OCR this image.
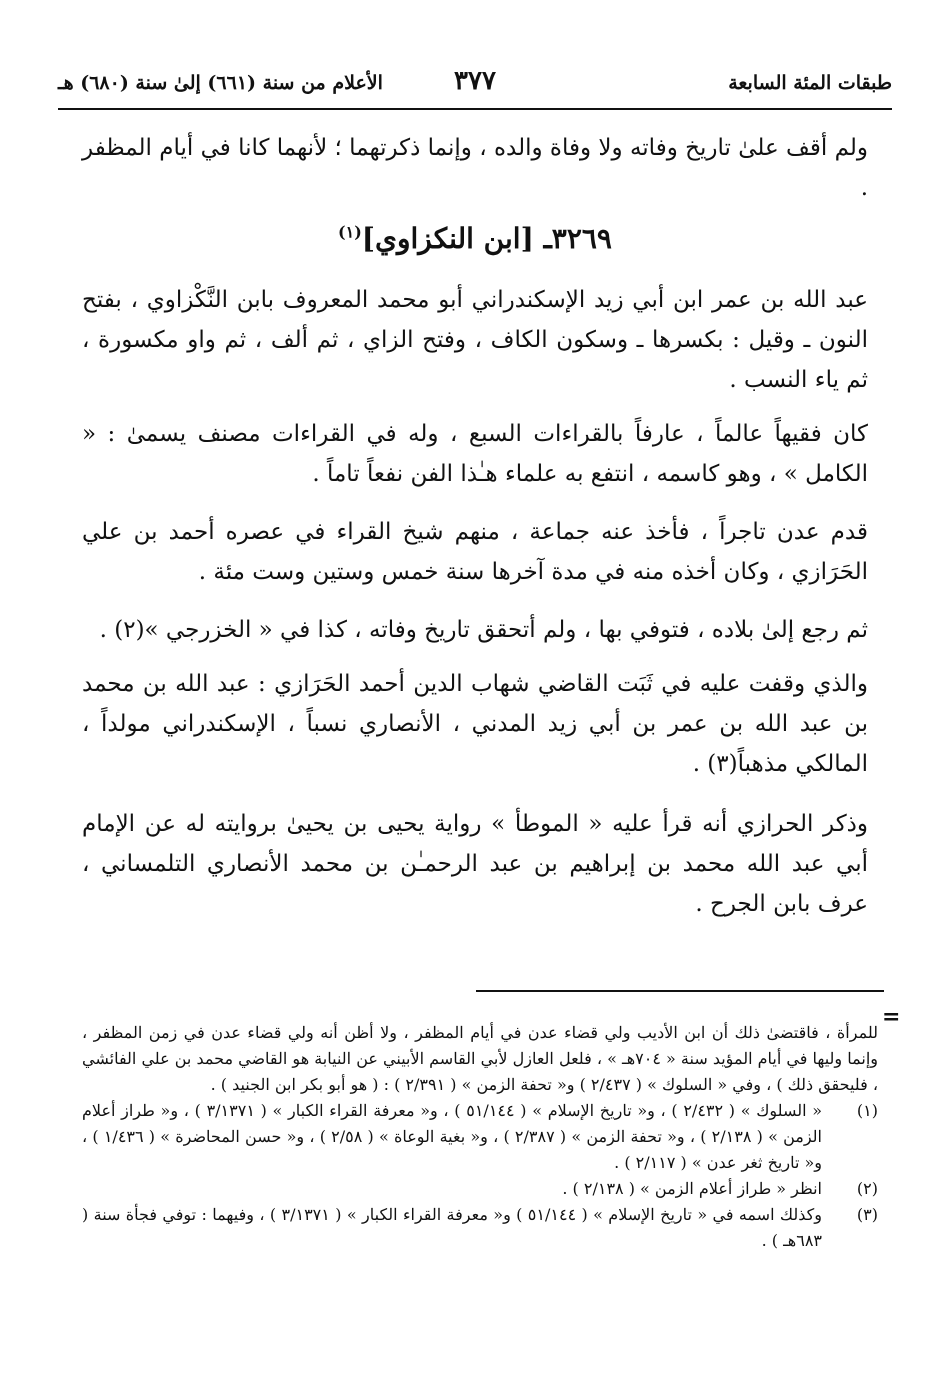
طبقات المئة السابعة
٣٧٧
الأعلام من سنة (٦٦١) إلىٰ سنة (٦٨٠) هـ

ولم أقف علىٰ تاريخ وفاته ولا وفاة والده ، وإنما ذكرتهما ؛ لأنهما كانا في أيام المظفر .

٣٢٦٩ـ [ابن النكزاوي]$^{(١)}$

عبد الله بن عمر ابن أبي زيد الإسكندراني أبو محمد المعروف بابن النَّكْزاوي ، بفتح النون ـ وقيل : بكسرها ـ وسكون الكاف ، وفتح الزاي ، ثم ألف ، ثم واو مكسورة ، ثم ياء النسب .

كان فقيهاً عالماً ، عارفاً بالقراءات السبع ، وله في القراءات مصنف يسمىٰ : « الكامل » ، وهو كاسمه ، انتفع به علماء هـٰذا الفن نفعاً تاماً .

قدم عدن تاجراً ، فأخذ عنه جماعة ، منهم شيخ القراء في عصره أحمد بن علي الحَرَازي ، وكان أخذه منه في مدة آخرها سنة خمس وستين وست مئة .

ثم رجع إلىٰ بلاده ، فتوفي بها ، ولم أتحقق تاريخ وفاته ، كذا في « الخزرجي »(٢) .

والذي وقفت عليه في ثَبَت القاضي شهاب الدين أحمد الحَرَازي : عبد الله بن محمد بن عبد الله بن عمر بن أبي زيد المدني ، الأنصاري نسباً ، الإسكندراني مولداً ، المالكي مذهباً(٣) .

وذكر الحرازي أنه قرأ عليه « الموطأ » رواية يحيى بن يحيىٰ بروايته له عن الإمام أبي عبد الله محمد بن إبراهيم بن عبد الرحمـٰن بن محمد الأنصاري التلمساني ، عرف بابن الجرح .

=
للمرأة ، فاقتضىٰ ذلك أن ابن الأديب ولي قضاء عدن في أيام المظفر ، ولا أظن أنه ولي قضاء عدن في زمن المظفر ، وإنما وليها في أيام المؤيد سنة « ٧٠٤هـ » ، فلعل العازل لأبي القاسم الأبيني عن النيابة هو القاضي محمد بن علي الفائشي ، فليحقق ذلك ) ، وفي « السلوك » ( ٢/٤٣٧ ) و« تحفة الزمن » ( ٢/٣٩١ ) : ( هو أبو بكر ابن الجنيد ) .
(١)
« السلوك » ( ٢/٤٣٢ ) ، و« تاريخ الإسلام » ( ٥١/١٤٤ ) ، و« معرفة القراء الكبار » ( ٣/١٣٧١ ) ، و« طراز أعلام الزمن » ( ٢/١٣٨ ) ، و« تحفة الزمن » ( ٢/٣٨٧ ) ، و« بغية الوعاة » ( ٢/٥٨ ) ، و« حسن المحاضرة » ( ١/٤٣٦ ) ، و« تاريخ ثغر عدن » ( ٢/١١٧ ) .
(٢)
انظر « طراز أعلام الزمن » ( ٢/١٣٨ ) .
(٣)
وكذلك اسمه في « تاريخ الإسلام » ( ٥١/١٤٤ ) و« معرفة القراء الكبار » ( ٣/١٣٧١ ) ، وفيهما : توفي فجأة سنة ( ٦٨٣هـ ) .
